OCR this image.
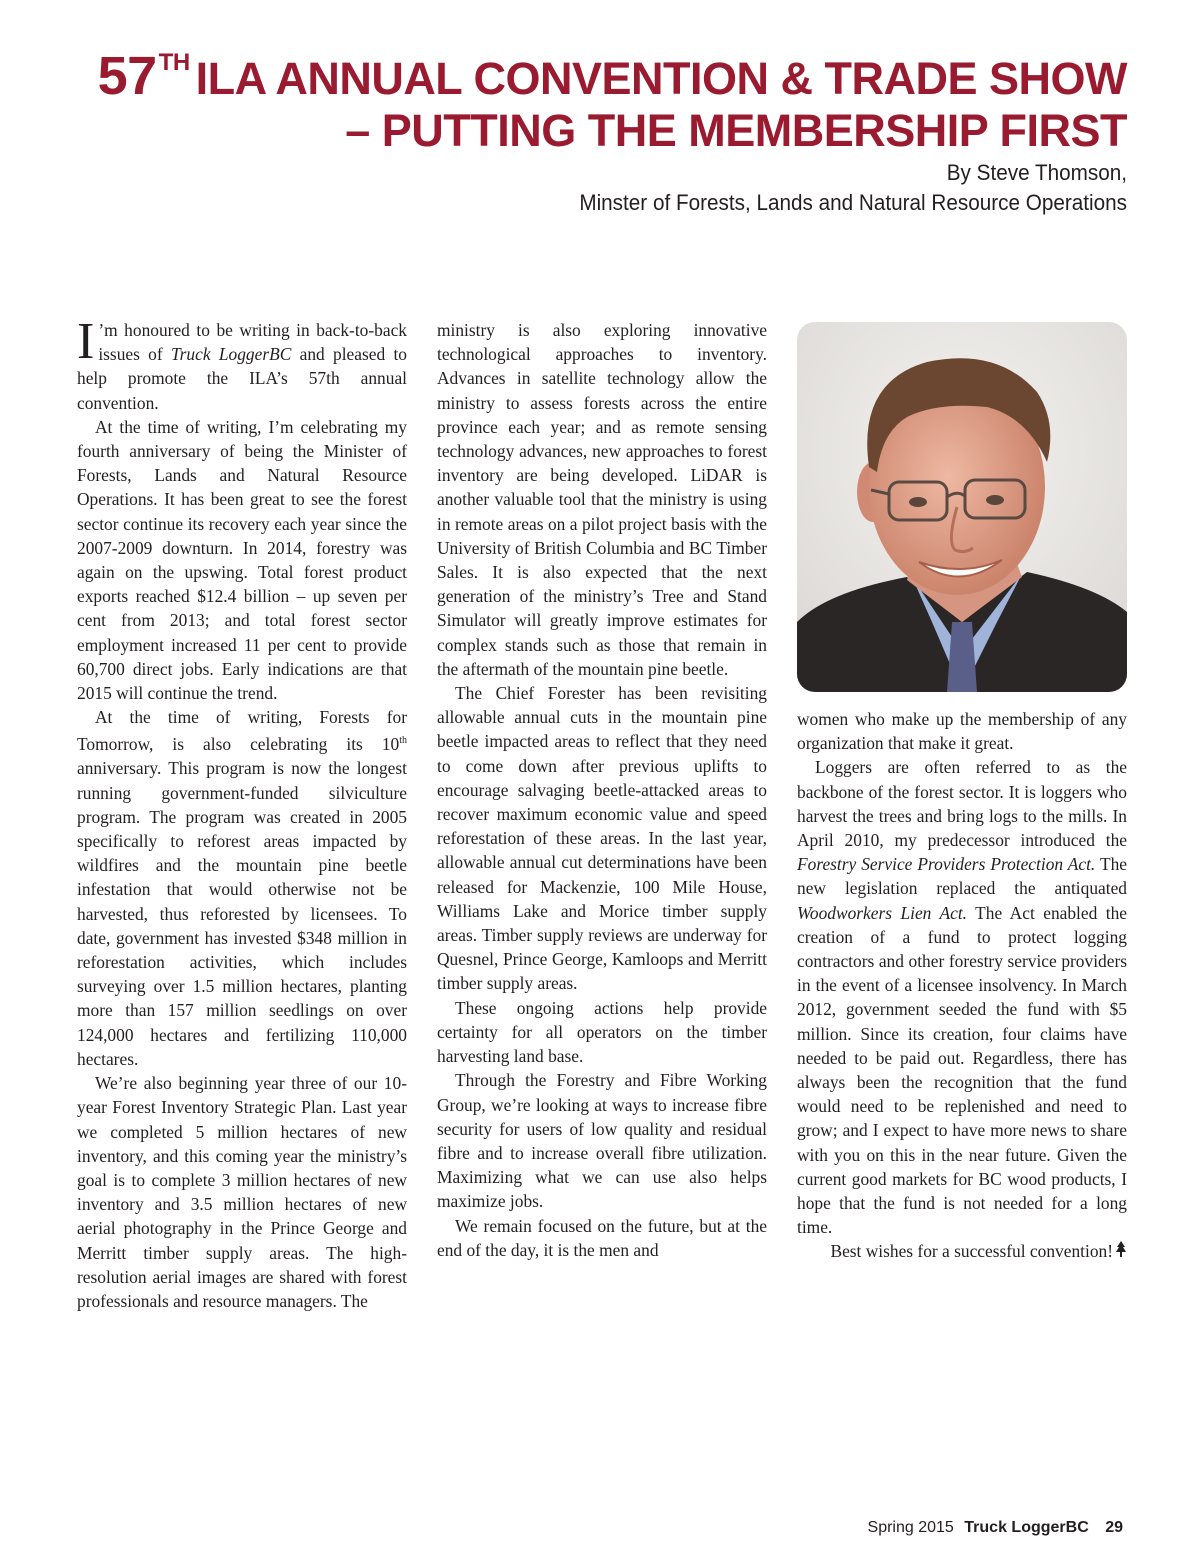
57TH ILA ANNUAL CONVENTION & TRADE SHOW
– PUTTING THE MEMBERSHIP FIRST
By Steve Thomson,
Minster of Forests, Lands and Natural Resource Operations

I ’m honoured to be writing in back-to-back issues of Truck LoggerBC and pleased to help promote the ILA’s 57th annual convention.

At the time of writing, I’m celebrating my fourth anniversary of being the Minister of Forests, Lands and Natural Resource Operations. It has been great to see the forest sector continue its recovery each year since the 2007-2009 downturn. In 2014, forestry was again on the upswing. Total forest product exports reached $12.4 billion – up seven per cent from 2013; and total forest sector employment increased 11 per cent to provide 60,700 direct jobs. Early indications are that 2015 will continue the trend.

At the time of writing, Forests for Tomorrow, is also celebrating its 10th anniversary. This program is now the longest running government-funded silviculture program. The program was created in 2005 specifically to reforest areas impacted by wildfires and the mountain pine beetle infestation that would otherwise not be harvested, thus reforested by licensees. To date, government has invested $348 million in reforestation activities, which includes surveying over 1.5 million hectares, planting more than 157 million seedlings on over 124,000 hectares and fertilizing 110,000 hectares.

We’re also beginning year three of our 10-year Forest Inventory Strategic Plan. Last year we completed 5 million hectares of new inventory, and this coming year the ministry’s goal is to complete 3 million hectares of new inventory and 3.5 million hectares of new aerial photography in the Prince George and Merritt timber supply areas. The high-resolution aerial images are shared with forest professionals and resource managers. The

ministry is also exploring innovative technological approaches to inventory. Advances in satellite technology allow the ministry to assess forests across the entire province each year; and as remote sensing technology advances, new approaches to forest inventory are being developed. LiDAR is another valuable tool that the ministry is using in remote areas on a pilot project basis with the University of British Columbia and BC Timber Sales. It is also expected that the next generation of the ministry’s Tree and Stand Simulator will greatly improve estimates for complex stands such as those that remain in the aftermath of the mountain pine beetle.

The Chief Forester has been revisiting allowable annual cuts in the mountain pine beetle impacted areas to reflect that they need to come down after previous uplifts to encourage salvaging beetle-attacked areas to recover maximum economic value and speed reforestation of these areas. In the last year, allowable annual cut determinations have been released for Mackenzie, 100 Mile House, Williams Lake and Morice timber supply areas. Timber supply reviews are underway for Quesnel, Prince George, Kamloops and Merritt timber supply areas.

These ongoing actions help provide certainty for all operators on the timber harvesting land base.

Through the Forestry and Fibre Working Group, we’re looking at ways to increase fibre security for users of low quality and residual fibre and to increase overall fibre utilization. Maximizing what we can use also helps maximize jobs.

We remain focused on the future, but at the end of the day, it is the men and

women who make up the membership of any organization that make it great.

Loggers are often referred to as the backbone of the forest sector. It is loggers who harvest the trees and bring logs to the mills. In April 2010, my predecessor introduced the Forestry Service Providers Protection Act. The new legislation replaced the antiquated Woodworkers Lien Act. The Act enabled the creation of a fund to protect logging contractors and other forestry service providers in the event of a licensee insolvency. In March 2012, government seeded the fund with $5 million. Since its creation, four claims have needed to be paid out. Regardless, there has always been the recognition that the fund would need to be replenished and need to grow; and I expect to have more news to share with you on this in the near future. Given the current good markets for BC wood products, I hope that the fund is not needed for a long time.

Best wishes for a successful convention!

Spring 2015 Truck LoggerBC 29
